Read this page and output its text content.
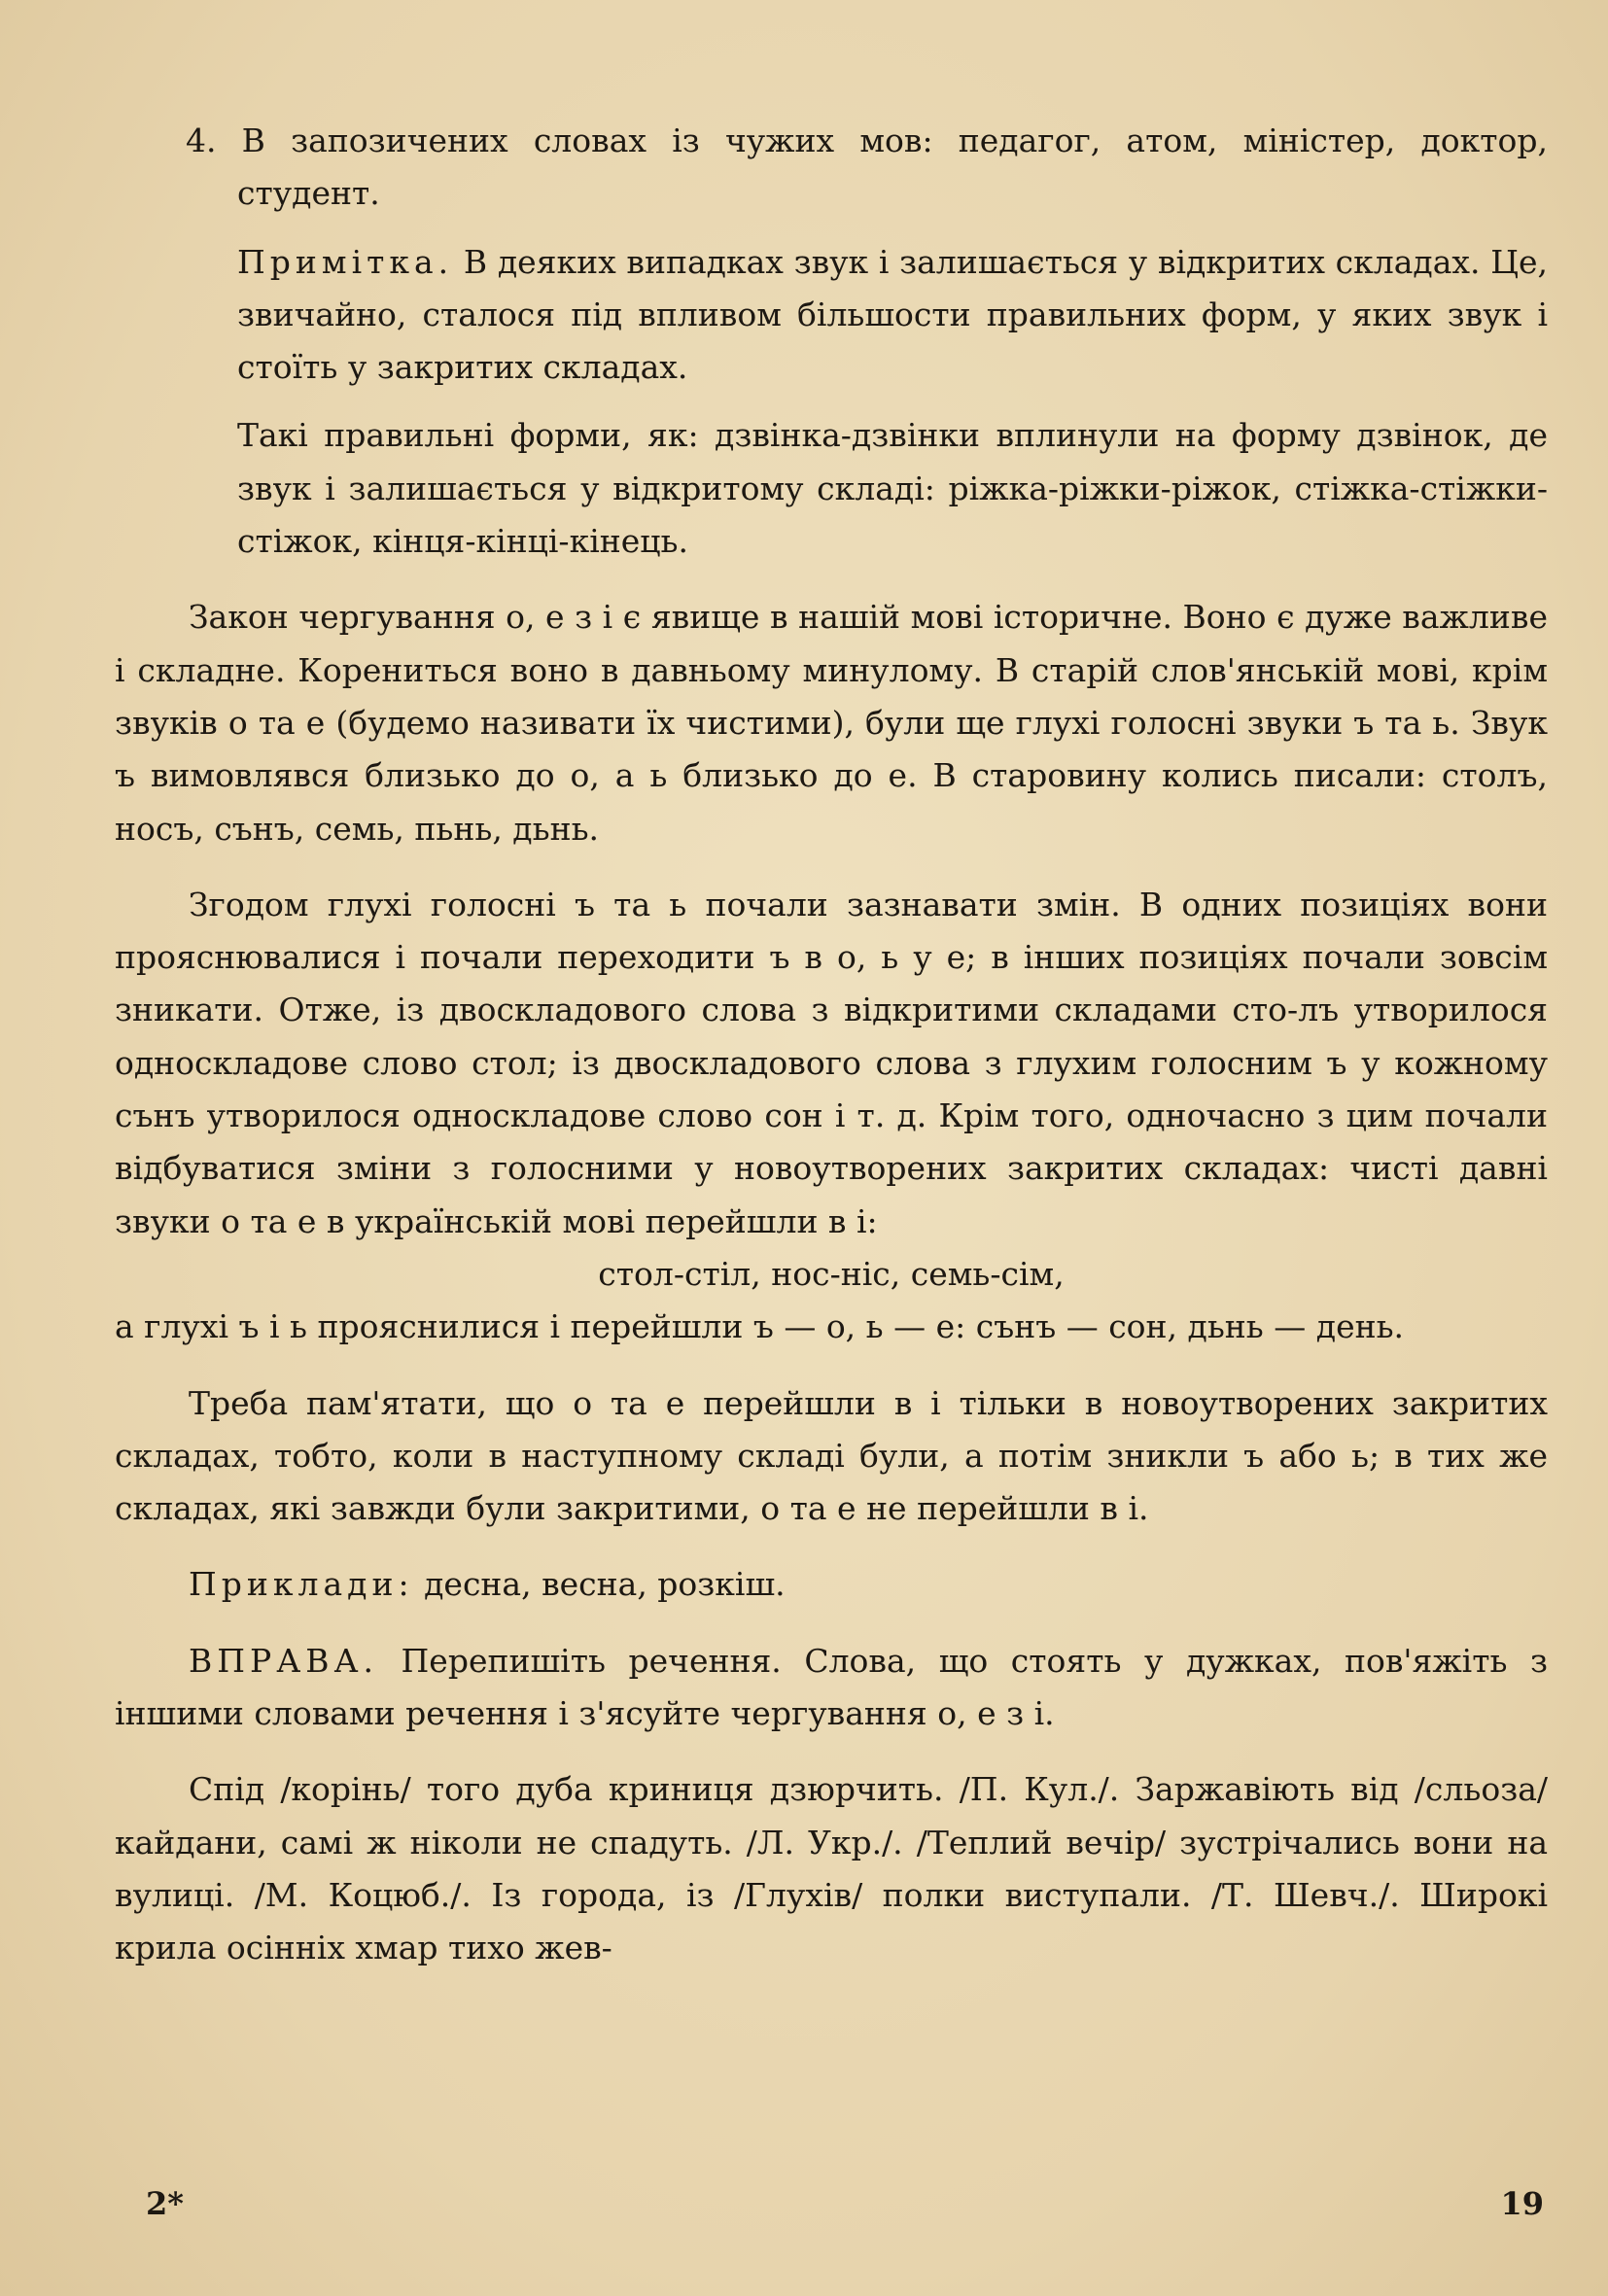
4. В запозичених словах із чужих мов: педагог, атом, міністер, доктор, студент.

Примітка. В деяких випадках звук і залишається у відкритих складах. Це, звичайно, сталося під впливом більшости правильних форм, у яких звук і стоїть у закритих складах.

Такі правильні форми, як: дзвінка-дзвінки вплинули на форму дзвінок, де звук і залишається у відкритому складі: ріжка-ріжки-ріжок, стіжка-стіжки-стіжок, кінця-кінці-кінець.

Закон чергування о, е з і є явище в нашій мові історичне. Воно є дуже важливе і складне. Кoрениться воно в давньому минулому. В старій слов'янській мові, крім звуків о та е (будемо називати їх чистими), були ще глухі голосні звуки ъ та ь. Звук ъ вимовлявся близько до о, а ь близько до е. В старовину колись писали: столъ, носъ, сънъ, семь, пьнь, дьнь.

Згодом глухі голосні ъ та ь почали зазнавати змін. В одних позиціях вони прояснювалися і почали переходити ъ в о, ь у е; в інших позиціях почали зовсім зникати. Отже, із двоскладового слова з відкритими складами сто-лъ утворилося односкладове слово стол; із двоскладового слова з глухим голосним ъ у кожному сънъ утворилося односкладове слово сон і т. д. Крім того, одночасно з цим почали відбуватися зміни з голосними у новоутворених закритих складах: чисті давні звуки о та е в українській мові перейшли в і:

стол-стіл, нос-ніс, семь-сім,

а глухі ъ і ь прояснилися і перейшли ъ — о, ь — е: сънъ — сон, дьнь — день.

Треба пам'ятати, що о та е перейшли в і тільки в новоутворених закритих складах, тобто, коли в наступному складі були, а потім зникли ъ або ь; в тих же складах, які завжди були закритими, о та е не перейшли в і.

Приклади: десна, весна, розкіш.

ВПРАВА. Перепишіть речення. Слова, що стоять у дужках, пов'яжіть з іншими словами речення і з'ясуйте чергування о, е з і.

Спід /корінь/ того дуба криниця дзюрчить. /П. Кул./. Заржавіють від /сльоза/ кайдани, самі ж ніколи не спадуть. /Л. Укр./. /Теплий вечір/ зустрічались вони на вулиці. /М. Коцюб./. Із города, із /Глухів/ полки виступали. /Т. Шевч./. Широкі крила осінніх хмар тихо жев-

2*	19
